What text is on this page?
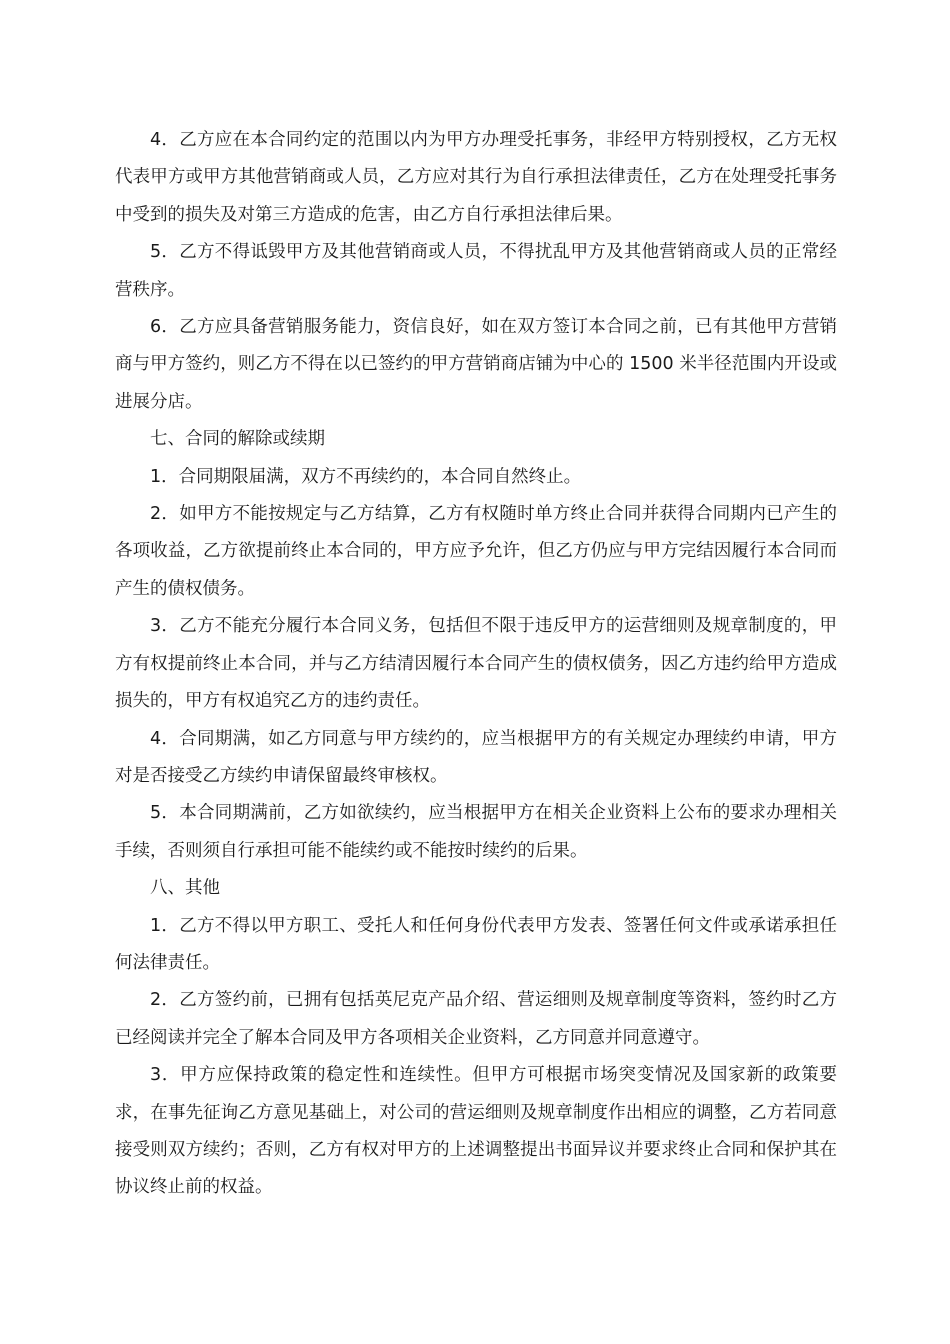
4．乙方应在本合同约定的范围以内为甲方办理受托事务，非经甲方特别授权，乙方无权代表甲方或甲方其他营销商或人员，乙方应对其行为自行承担法律责任，乙方在处理受托事务中受到的损失及对第三方造成的危害，由乙方自行承担法律后果。

5．乙方不得诋毁甲方及其他营销商或人员，不得扰乱甲方及其他营销商或人员的正常经营秩序。

6．乙方应具备营销服务能力，资信良好，如在双方签订本合同之前，已有其他甲方营销商与甲方签约，则乙方不得在以已签约的甲方营销商店铺为中心的 1500 米半径范围内开设或进展分店。

七、合同的解除或续期

1．合同期限届满，双方不再续约的，本合同自然终止。

2．如甲方不能按规定与乙方结算，乙方有权随时单方终止合同并获得合同期内已产生的各项收益，乙方欲提前终止本合同的，甲方应予允许，但乙方仍应与甲方完结因履行本合同而产生的债权债务。

3．乙方不能充分履行本合同义务，包括但不限于违反甲方的运营细则及规章制度的，甲方有权提前终止本合同，并与乙方结清因履行本合同产生的债权债务，因乙方违约给甲方造成损失的，甲方有权追究乙方的违约责任。

4．合同期满，如乙方同意与甲方续约的，应当根据甲方的有关规定办理续约申请，甲方对是否接受乙方续约申请保留最终审核权。

5．本合同期满前，乙方如欲续约，应当根据甲方在相关企业资料上公布的要求办理相关手续，否则须自行承担可能不能续约或不能按时续约的后果。

八、其他

1．乙方不得以甲方职工、受托人和任何身份代表甲方发表、签署任何文件或承诺承担任何法律责任。

2．乙方签约前，已拥有包括英尼克产品介绍、营运细则及规章制度等资料，签约时乙方已经阅读并完全了解本合同及甲方各项相关企业资料，乙方同意并同意遵守。

3．甲方应保持政策的稳定性和连续性。但甲方可根据市场突变情况及国家新的政策要求，在事先征询乙方意见基础上，对公司的营运细则及规章制度作出相应的调整，乙方若同意接受则双方续约；否则，乙方有权对甲方的上述调整提出书面异议并要求终止合同和保护其在协议终止前的权益。
